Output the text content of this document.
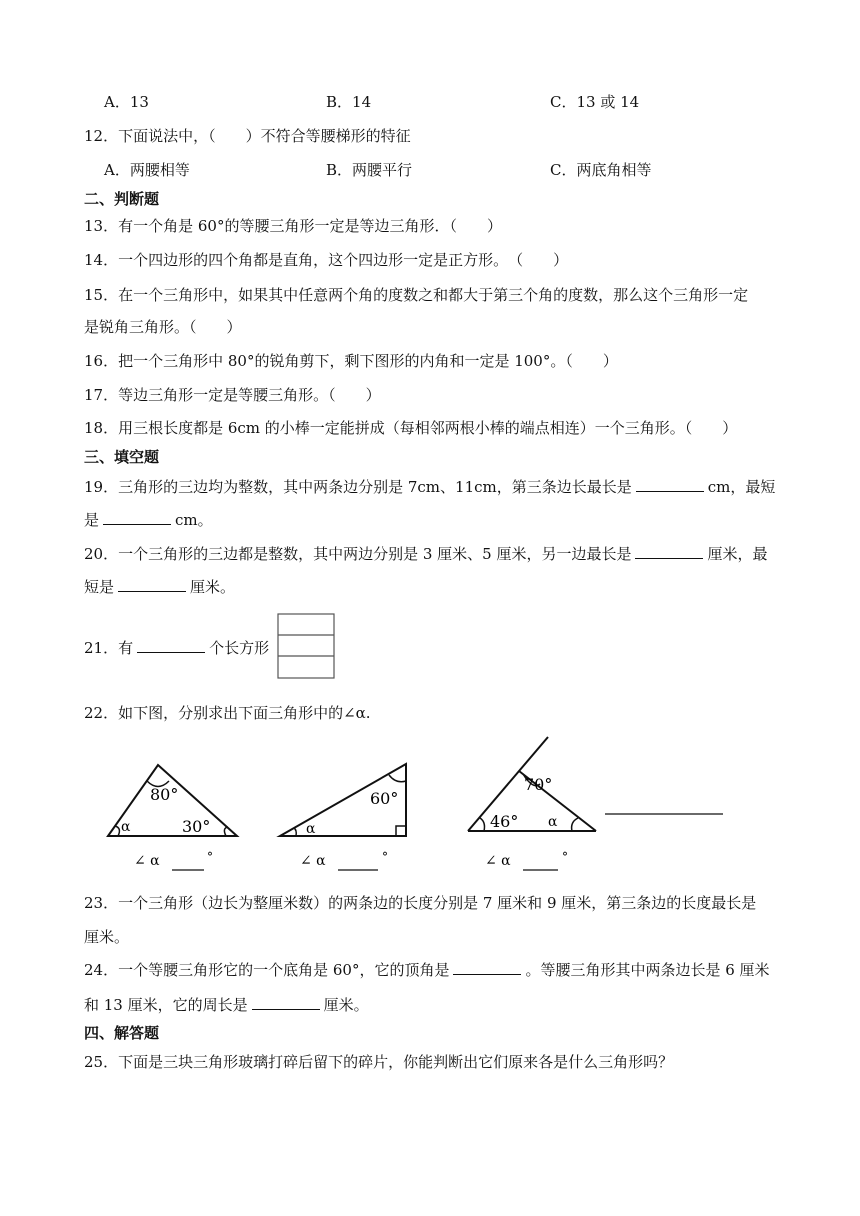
A．13	B．14	C．13 或 14
12．下面说法中，（　　）不符合等腰梯形的特征
A．两腰相等	B．两腰平行	C．两底角相等
二、判断题
13．有一个角是 60°的等腰三角形一定是等边三角形．（　　）
14．一个四边形的四个角都是直角，这个四边形一定是正方形。　（　　）
15．在一个三角形中，如果其中任意两个角的度数之和都大于第三个角的度数，那么这个三角形一定
是锐角三角形。（　　）
16．把一个三角形中 80°的锐角剪下，剩下图形的内角和一定是 100°。（　　）
17．等边三角形一定是等腰三角形。（　　）
18．用三根长度都是 6cm 的小棒一定能拼成（每相邻两根小棒的端点相连）一个三角形。（　　）
三、填空题
19．三角形的三边均为整数，其中两条边分别是 7cm、11cm，第三条边长最长是	cm，最短
是	cm。
20．一个三角形的三边都是整数，其中两边分别是 3 厘米、5 厘米，另一边最长是	厘米，最
短是	厘米。
21．有	个长方形
22．如下图，分别求出下面三角形中的∠α.
80°
α	30°
60°
α
70°
46° α
∠ α	°	∠ α	°	∠ α	°
23．一个三角形（边长为整厘米数）的两条边的长度分别是 7 厘米和 9 厘米，第三条边的长度最长是
厘米。
24．一个等腰三角形它的一个底角是 60°，它的顶角是	。等腰三角形其中两条边长是 6 厘米
和 13 厘米，它的周长是	厘米。
四、解答题
25．下面是三块三角形玻璃打碎后留下的碎片，你能判断出它们原来各是什么三角形吗？
